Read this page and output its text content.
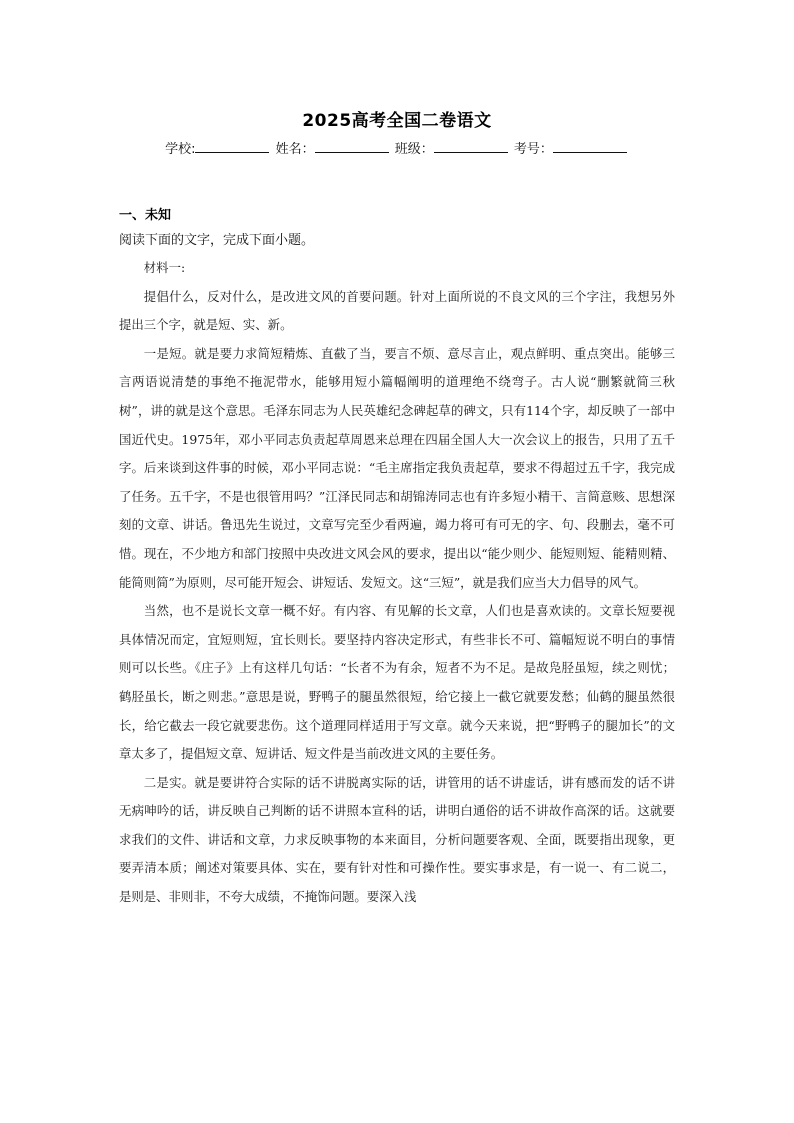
2025高考全国二卷语文
学校:	姓名：	班级：	考号：
一、未知
阅读下面的文字，完成下面小题。

材料一:

提倡什么，反对什么，是改进文风的首要问题。针对上面所说的不良文风的三个字注，我想另外提出三个字，就是短、实、新。

一是短。就是要力求简短精炼、直截了当，要言不烦、意尽言止，观点鲜明、重点突出。能够三言两语说清楚的事绝不拖泥带水，能够用短小篇幅阐明的道理绝不绕弯子。古人说“删繁就简三秋树”，讲的就是这个意思。毛泽东同志为人民英雄纪念碑起草的碑文，只有114个字，却反映了一部中国近代史。1975年，邓小平同志负责起草周恩来总理在四届全国人大一次会议上的报告，只用了五千字。后来谈到这件事的时候，邓小平同志说：“毛主席指定我负责起草，要求不得超过五千字，我完成了任务。五千字，不是也很管用吗？”江泽民同志和胡锦涛同志也有许多短小精干、言简意赅、思想深刻的文章、讲话。鲁迅先生说过，文章写完至少看两遍，竭力将可有可无的字、句、段删去，毫不可惜。现在，不少地方和部门按照中央改进文风会风的要求，提出以“能少则少、能短则短、能精则精、能简则简”为原则，尽可能开短会、讲短话、发短文。这“三短”，就是我们应当大力倡导的风气。

当然，也不是说长文章一概不好。有内容、有见解的长文章，人们也是喜欢读的。文章长短要视具体情况而定，宜短则短，宜长则长。要坚持内容决定形式，有些非长不可、篇幅短说不明白的事情则可以长些。《庄子》上有这样几句话：“长者不为有余，短者不为不足。是故凫胫虽短，续之则忧；鹤胫虽长，断之则悲。”意思是说，野鸭子的腿虽然很短，给它接上一截它就要发愁；仙鹤的腿虽然很长，给它截去一段它就要悲伤。这个道理同样适用于写文章。就今天来说，把“野鸭子的腿加长”的文章太多了，提倡短文章、短讲话、短文件是当前改进文风的主要任务。

二是实。就是要讲符合实际的话不讲脱离实际的话，讲管用的话不讲虚话，讲有感而发的话不讲无病呻吟的话，讲反映自己判断的话不讲照本宣科的话，讲明白通俗的话不讲故作高深的话。这就要求我们的文件、讲话和文章，力求反映事物的本来面目，分析问题要客观、全面，既要指出现象，更要弄清本质；阐述对策要具体、实在，要有针对性和可操作性。要实事求是，有一说一、有二说二，是则是、非则非，不夸大成绩，不掩饰问题。要深入浅
